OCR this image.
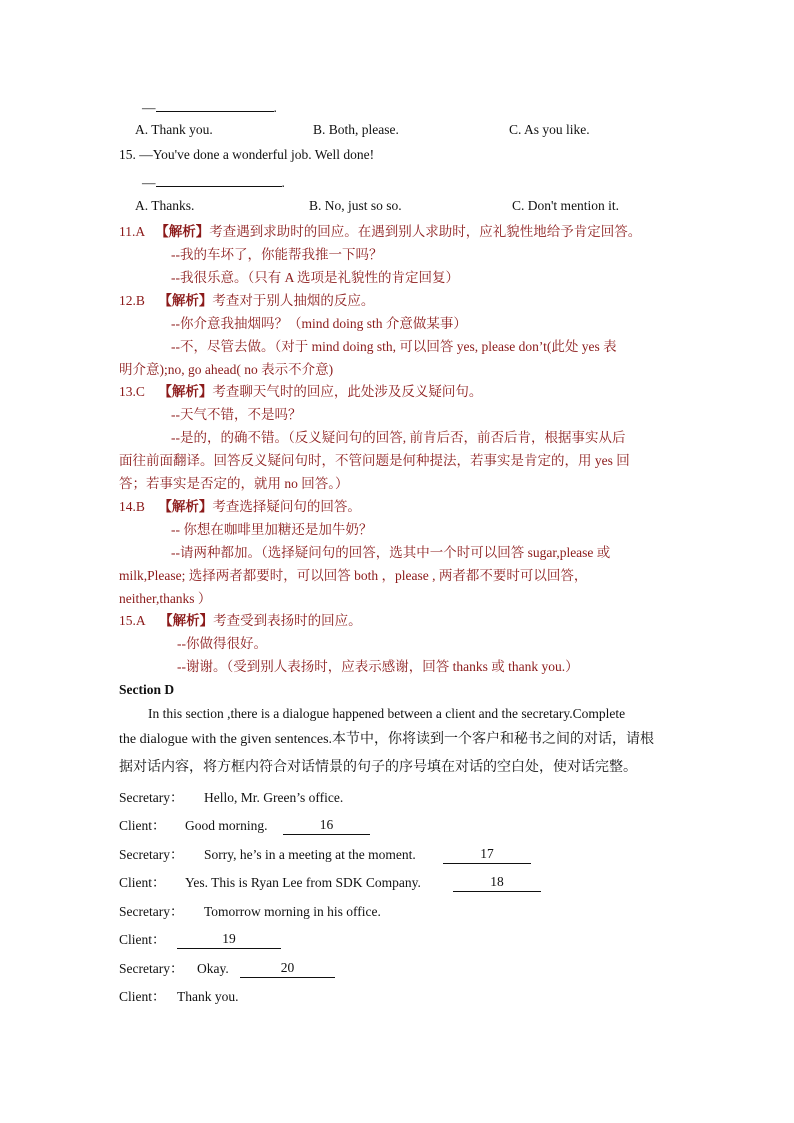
—	.
A. Thank you.	B. Both, please.	C. As you like.
15. —You've done a wonderful job. Well done!
—	.
A. Thanks.	B. No, just so so.	C. Don't mention it.
11.A 【解析】考查遇到求助时的回应。在遇到别人求助时，应礼貌性地给予肯定回答。
--我的车坏了，你能帮我推一下吗？
--我很乐意。（只有 A 选项是礼貌性的肯定回复）
12.B 【解析】考查对于别人抽烟的反应。
--你介意我抽烟吗？（mind doing sth 介意做某事）
--不，尽管去做。（对于 mind doing sth, 可以回答 yes, please don’t(此处 yes 表
明介意);no, go ahead( no 表示不介意)
13.C 【解析】考查聊天气时的回应，此处涉及反义疑问句。
--天气不错，不是吗？
--是的，的确不错。（反义疑问句的回答, 前肯后否，前否后肯，根据事实从后
面往前面翻译。回答反义疑问句时，不管问题是何种提法，若事实是肯定的，用 yes 回
答；若事实是否定的，就用 no 回答。）
14.B 【解析】考查选择疑问句的回答。
-- 你想在咖啡里加糖还是加牛奶？
--请两种都加。（选择疑问句的回答，选其中一个时可以回答 sugar,please 或
milk,Please; 选择两者都要时，可以回答 both ，please , 两者都不要时可以回答，
neither,thanks ）
15.A 【解析】考查受到表扬时的回应。
--你做得很好。
--谢谢。（受到别人表扬时，应表示感谢，回答 thanks 或 thank you.）
Section D
In this section ,there is a dialogue happened between a client and the secretary.Complete
the dialogue with the given sentences.本节中，你将读到一个客户和秘书之间的对话，请根
据对话内容，将方框内符合对话情景的句子的序号填在对话的空白处，使对话完整。
Secretary： Hello, Mr. Green’s office.
Client： Good morning.	16
Secretary： Sorry, he’s in a meeting at the moment.	17
Client： Yes. This is Ryan Lee from SDK Company.	18
Secretary： Tomorrow morning in his office.
Client：	19
Secretary： Okay.	20
Client： Thank you.
